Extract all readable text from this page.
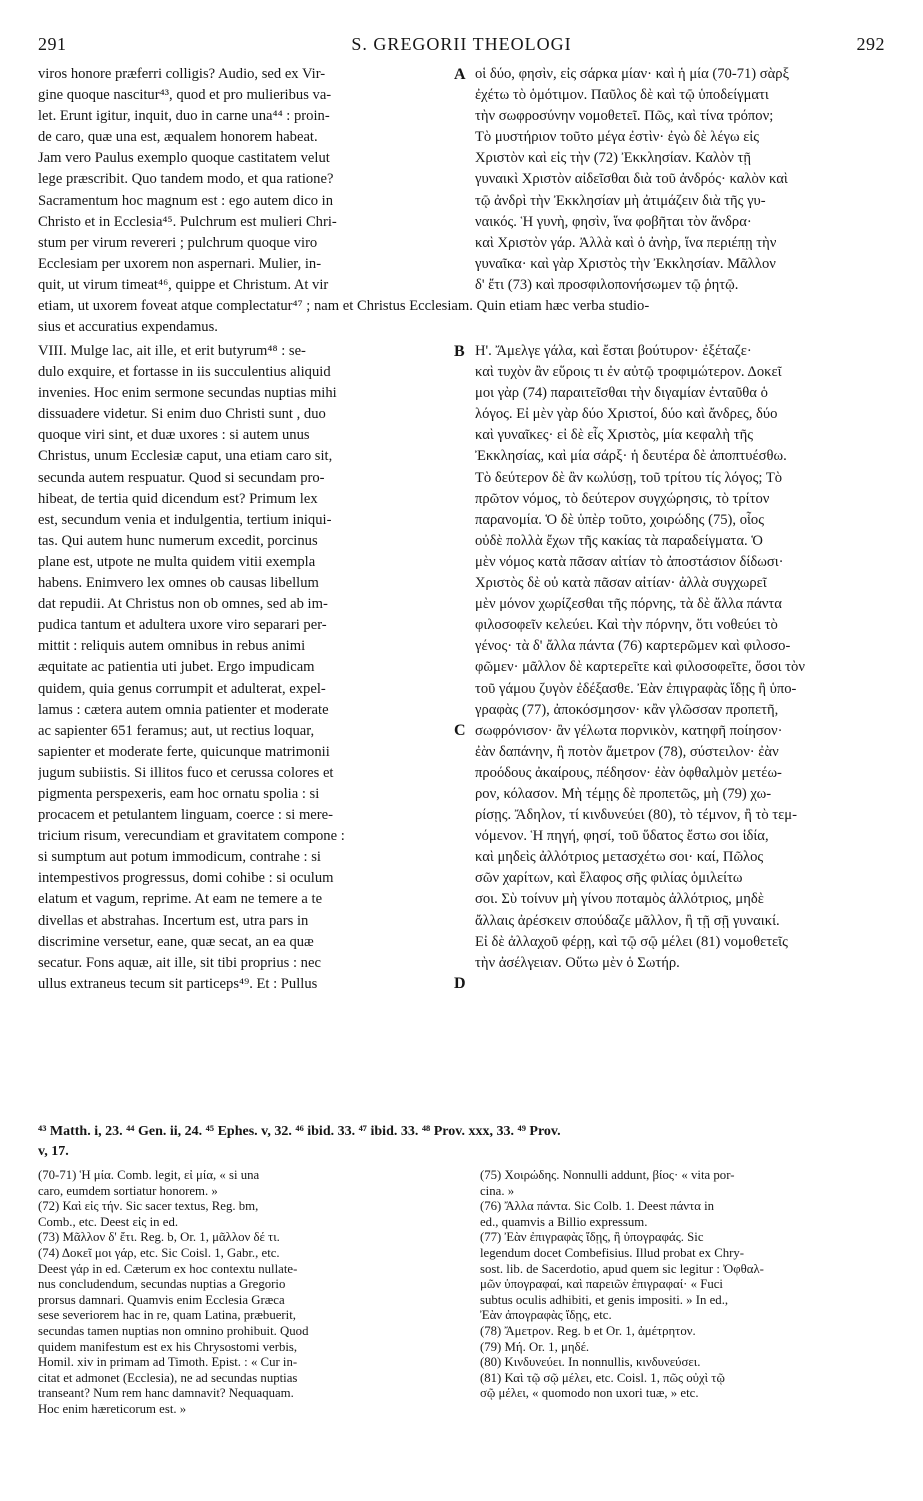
291	S. GREGORII THEOLOGI	292
viros honore præferri colligis? Audio, sed ex Vir-
gine quoque nascitur⁴³, quod et pro mulieribus va-
let. Erunt igitur, inquit, duo in carne una⁴⁴ : proin-
de caro, quæ una est, æqualem honorem habeat.
Jam vero Paulus exemplo quoque castitatem velut
lege præscribit. Quo tandem modo, et qua ratione?
Sacramentum hoc magnum est : ego autem dico in
Christo et in Ecclesia⁴⁵. Pulchrum est mulieri Chri-
stum per virum revereri ; pulchrum quoque viro
Ecclesiam per uxorem non aspernari. Mulier, in-
quit, ut virum timeat⁴⁶, quippe et Christum. At vir
A οἱ δύο, φησὶν, εἰς σάρκα μίαν· καὶ ἡ μία (70-71) σὰρξ
ἐχέτω τὸ ὁμότιμον. Παῦλος δὲ καὶ τῷ ὑποδείγματι
τὴν σωφροσύνην νομοθετεῖ. Πῶς, καὶ τίνα τρόπον;
Τὸ μυστήριον τοῦτο μέγα ἐστὶν· ἐγὼ δὲ λέγω εἰς
Χριστὸν καὶ εἰς τὴν (72) Ἐκκλησίαν. Καλὸν τῇ
γυναικὶ Χριστὸν αἰδεῖσθαι διὰ τοῦ ἀνδρός· καλὸν καὶ
τῷ ἀνδρὶ τὴν Ἐκκλησίαν μὴ ἀτιμάζειν διὰ τῆς γυ-
ναικός. Ἡ γυνὴ, φησὶν, ἵνα φοβῆται τὸν ἄνδρα·
καὶ Χριστὸν γάρ. Ἀλλὰ καὶ ὁ ἀνὴρ, ἵνα περιέπῃ τὴν
γυναῖκα· καὶ γὰρ Χριστὸς τὴν Ἐκκλησίαν. Μᾶλλον
δ' ἔτι (73) καὶ προσφιλοπονήσωμεν τῷ ῥητῷ.
etiam, ut uxorem foveat atque complectatur⁴⁷ ; nam et Christus Ecclesiam. Quin etiam hæc verba studio-
sius et accuratius expendamus.
VIII. Mulge lac, ait ille, et erit butyrum⁴⁸ : se-
dulo exquire, et fortasse in iis succulentius aliquid
invenies. Hoc enim sermone secundas nuptias mihi
dissuadere videtur. Si enim duo Christi sunt , duo
quoque viri sint, et duæ uxores : si autem unus
Christus, unum Ecclesiæ caput, una etiam caro sit,
secunda autem respuatur. Quod si secundam pro-
hibeat, de tertia quid dicendum est? Primum lex
est, secundum venia et indulgentia, tertium iniqui-
tas. Qui autem hunc numerum excedit, porcinus
plane est, utpote ne multa quidem vitii exempla
habens. Enimvero lex omnes ob causas libellum
dat repudii. At Christus non ob omnes, sed ab im-
pudica tantum et adultera uxore viro separari per-
mittit : reliquis autem omnibus in rebus animi
æquitate ac patientia uti jubet. Ergo impudicam
quidem, quia genus corrumpit et adulterat, expel-
lamus : cætera autem omnia patienter et moderate
ac sapienter 651 feramus; aut, ut rectius loquar,
sapienter et moderate ferte, quicunque matrimonii
jugum subiistis. Si illitos fuco et cerussa colores et
pigmenta perspexeris, eam hoc ornatu spolia : si
procacem et petulantem linguam, coerce : si mere-
tricium risum, verecundiam et gravitatem compone :
si sumptum aut potum immodicum, contrahe : si
intempestivos progressus, domi cohibe : si oculum
elatum et vagum, reprime. At eam ne temere a te
divellas et abstrahas. Incertum est, utra pars in
discrimine versetur, eane, quæ secat, an ea quæ
secatur. Fons aquæ, ait ille, sit tibi proprius : nec
ullus extraneus tecum sit particeps⁴⁹. Et : Pullus
B
C
D
Η'. Ἄμελγε γάλα, καὶ ἔσται βούτυρον· ἐξέταζε·
καὶ τυχὸν ἂν εὕροις τι ἐν αὐτῷ τροφιμώτερον. Δοκεῖ
μοι γὰρ (74) παραιτεῖσθαι τὴν διγαμίαν ἐνταῦθα ὁ
λόγος. Εἰ μὲν γὰρ δύο Χριστοί, δύο καὶ ἄνδρες, δύο
καὶ γυναῖκες· εἰ δὲ εἷς Χριστὸς, μία κεφαλὴ τῆς
Ἐκκλησίας, καὶ μία σάρξ· ἡ δευτέρα δὲ ἀποπτυέσθω.
Τὸ δεύτερον δὲ ἂν κωλύσῃ, τοῦ τρίτου τίς λόγος; Τὸ
πρῶτον νόμος, τὸ δεύτερον συγχώρησις, τὸ τρίτον
παρανομία. Ὁ δὲ ὑπὲρ τοῦτο, χοιρώδης (75), οἷος
οὐδὲ πολλὰ ἔχων τῆς κακίας τὰ παραδείγματα. Ὁ
μὲν νόμος κατὰ πᾶσαν αἰτίαν τὸ ἀποστάσιον δίδωσι·
Χριστὸς δὲ οὐ κατὰ πᾶσαν αἰτίαν· ἀλλὰ συγχωρεῖ
μὲν μόνον χωρίζεσθαι τῆς πόρνης, τὰ δὲ ἄλλα πάντα
φιλοσοφεῖν κελεύει. Καὶ τὴν πόρνην, ὅτι νοθεύει τὸ
γένος· τὰ δ' ἄλλα πάντα (76) καρτερῶμεν καὶ φιλοσο-
φῶμεν· μᾶλλον δὲ καρτερεῖτε καὶ φιλοσοφεῖτε, ὅσοι τὸν
τοῦ γάμου ζυγὸν ἐδέξασθε. Ἐὰν ἐπιγραφὰς ἴδῃς ἢ ὑπο-
γραφὰς (77), ἀποκόσμησον· κἂν γλῶσσαν προπετῆ,
σωφρόνισον· ἂν γέλωτα πορνικὸν, κατηφῆ ποίησον·
ἐὰν δαπάνην, ἢ ποτὸν ἄμετρον (78), σύστειλον· ἐὰν
προόδους ἀκαίρους, πέδησον· ἐὰν ὀφθαλμὸν μετέω-
ρον, κόλασον. Μὴ τέμῃς δὲ προπετῶς, μὴ (79) χω-
ρίσῃς. Ἄδηλον, τί κινδυνεύει (80), τὸ τέμνον, ἢ τὸ τεμ-
νόμενον. Ἡ πηγή, φησί, τοῦ ὕδατος ἔστω σοι ἰδία,
καὶ μηδεὶς ἀλλότριος μετασχέτω σοι· καί, Πῶλος
σῶν χαρίτων, καὶ ἔλαφος σῆς φιλίας ὁμιλείτω
σοι. Σὺ τοίνυν μὴ γίνου ποταμὸς ἀλλότριος, μηδὲ
ἄλλαις ἀρέσκειν σπούδαζε μᾶλλον, ἢ τῇ σῇ γυναικί.
Εἰ δὲ ἀλλαχοῦ φέρῃ, καὶ τῷ σῷ μέλει (81) νομοθετεῖς
τὴν ἀσέλγειαν. Οὕτω μὲν ὁ Σωτήρ.
⁴³ Matth. i, 23. ⁴⁴ Gen. ii, 24. ⁴⁵ Ephes. v, 32. ⁴⁶ ibid. 33. ⁴⁷ ibid. 33. ⁴⁸ Prov. xxx, 33. ⁴⁹ Prov.
v, 17.
(70-71) Ἡ μία. Comb. legit, εἰ μία, « si una
caro, eumdem sortiatur honorem. »
(72) Καὶ εἰς τήν. Sic sacer textus, Reg. bm,
Comb., etc. Deest εἰς in ed.
(73) Μᾶλλον δ' ἔτι. Reg. b, Or. 1, μᾶλλον δέ τι.
(74) Δοκεῖ μοι γάρ, etc. Sic Coisl. 1, Gabr., etc.
Deest γάρ in ed. Cæterum ex hoc contextu nullate-
nus concludendum, secundas nuptias a Gregorio
prorsus damnari. Quamvis enim Ecclesia Græca
sese severiorem hac in re, quam Latina, præbuerit,
secundas tamen nuptias non omnino prohibuit. Quod
quidem manifestum est ex his Chrysostomi verbis,
Homil. xiv in primam ad Timoth. Epist. : « Cur in-
citat et admonet (Ecclesia), ne ad secundas nuptias
transeant? Num rem hanc damnavit? Nequaquam.
Hoc enim hæreticorum est. »
(75) Χοιρώδης. Nonnulli addunt, βίος· « vita por-
cina. »
(76) Ἄλλα πάντα. Sic Colb. 1. Deest πάντα in
ed., quamvis a Billio expressum.
(77) Ἐὰν ἐπιγραφὰς ἴδῃς, ἢ ὑπογραφάς. Sic
legendum docet Combefisius. Illud probat ex Chry-
sost. lib. de Sacerdotio, apud quem sic legitur : Ὀφθαλ-
μῶν ὑπογραφαί, καὶ παρειῶν ἐπιγραφαί· « Fuci
subtus oculis adhibiti, et genis impositi. » In ed.,
Ἐὰν ἀπογραφὰς ἴδῃς, etc.
(78) Ἄμετρον. Reg. b et Or. 1, ἀμέτρητον.
(79) Μή. Or. 1, μηδέ.
(80) Κινδυνεύει. In nonnullis, κινδυνεύσει.
(81) Καὶ τῷ σῷ μέλει, etc. Coisl. 1, πῶς οὐχὶ τῷ
σῷ μέλει, « quomodo non uxori tuæ, » etc.
